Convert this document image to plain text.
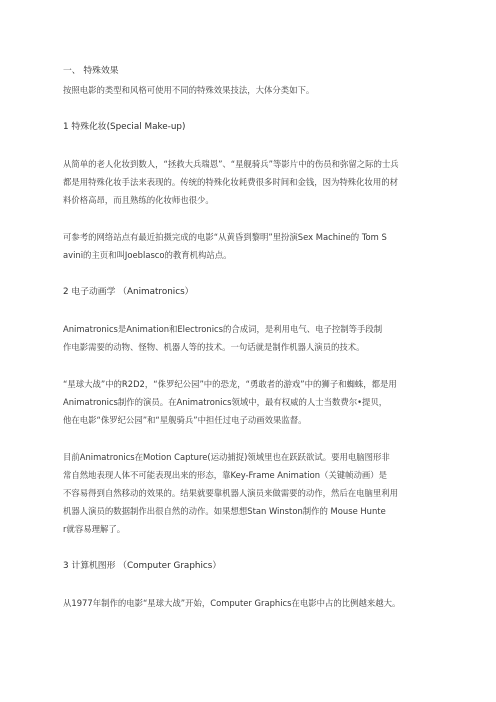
一、 特殊效果
按照电影的类型和风格可使用不同的特殊效果技法，大体分类如下。
1 特殊化妆(Special Make-up)
从简单的老人化妆到数人，“拯救大兵瑞恩”、“星舰骑兵”等影片中的伤员和弥留之际的士兵
都是用特殊化妆手法来表现的。传统的特殊化妆耗费很多时间和金钱，因为特殊化妆用的材
料价格高昂，而且熟练的化妆师也很少。
可参考的网络站点有最近拍摄完成的电影“从黄昏到黎明”里扮演Sex Machine的 Tom S
avini的主页和叫Joeblasco的教育机构站点。
2 电子动画学 （Animatronics）
Animatronics是Animation和Electronics的合成词，是利用电气、电子控制等手段制
作电影需要的动物、怪物、机器人等的技术。一句话就是制作机器人演员的技术。
“星球大战”中的R2D2，“侏罗纪公园”中的恐龙，“勇敢者的游戏”中的狮子和蜘蛛，都是用
Animatronics制作的演员。在Animatronics领域中，最有权威的人士当数费尔•提贝，
他在电影“侏罗纪公园”和“星舰骑兵”中担任过电子动画效果监督。
目前Animatronics在Motion Capture(运动捕捉)领域里也在跃跃欲试。要用电脑图形非
常自然地表现人体不可能表现出来的形态，靠Key-Frame Animation（关键帧动画）是
不容易得到自然移动的效果的。结果就要靠机器人演员来做需要的动作，然后在电脑里利用
机器人演员的数据制作出很自然的动作。如果想想Stan Winston制作的 Mouse Hunte
r就容易理解了。
3 计算机图形 （Computer Graphics）
从1977年制作的电影“星球大战”开始，Computer Graphics在电影中占的比例越来越大。
